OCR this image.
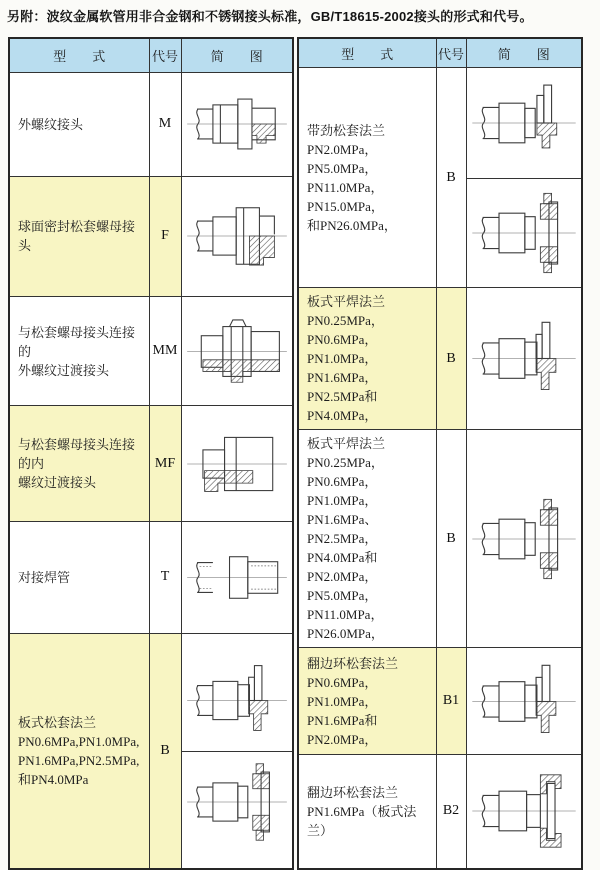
另附：波纹金属软管用非合金钢和不锈钢接头标准，GB/T18615-2002接头的形式和代号。
型　　式	代号	简　　图

外螺纹接头	M	

球面密封松套螺母接头	F	

与松套螺母接头连接的
外螺纹过渡接头	MM	

与松套螺母接头连接的内
螺纹过渡接头	MF	

对接焊管	T	

板式松套法兰
PN0.6MPa,PN1.0MPa,
PN1.6MPa,PN2.5MPa,
和PN4.0MPa	B	
型　　式	代号	简　　图

带劲松套法兰
PN2.0MPa，PN5.0MPa，
PN11.0MPa，PN15.0MPa，
和PN26.0MPa，	B	

板式平焊法兰
PN0.25MPa，PN0.6MPa，
PN1.0MPa，PN1.6MPa，
PN2.5MPa和PN4.0MPa，	B	

板式平焊法兰
PN0.25MPa，PN0.6MPa，
PN1.0MPa，PN1.6MPa、
PN2.5MPa，PN4.0MPa和
PN2.0MPa，PN5.0MPa，
PN11.0MPa，PN26.0MPa，
	B	

翻边环松套法兰
PN0.6MPa，PN1.0MPa，
PN1.6MPa和PN2.0MPa，	B1	

翻边环松套法兰
PN1.6MPa（板式法兰）	B2	
